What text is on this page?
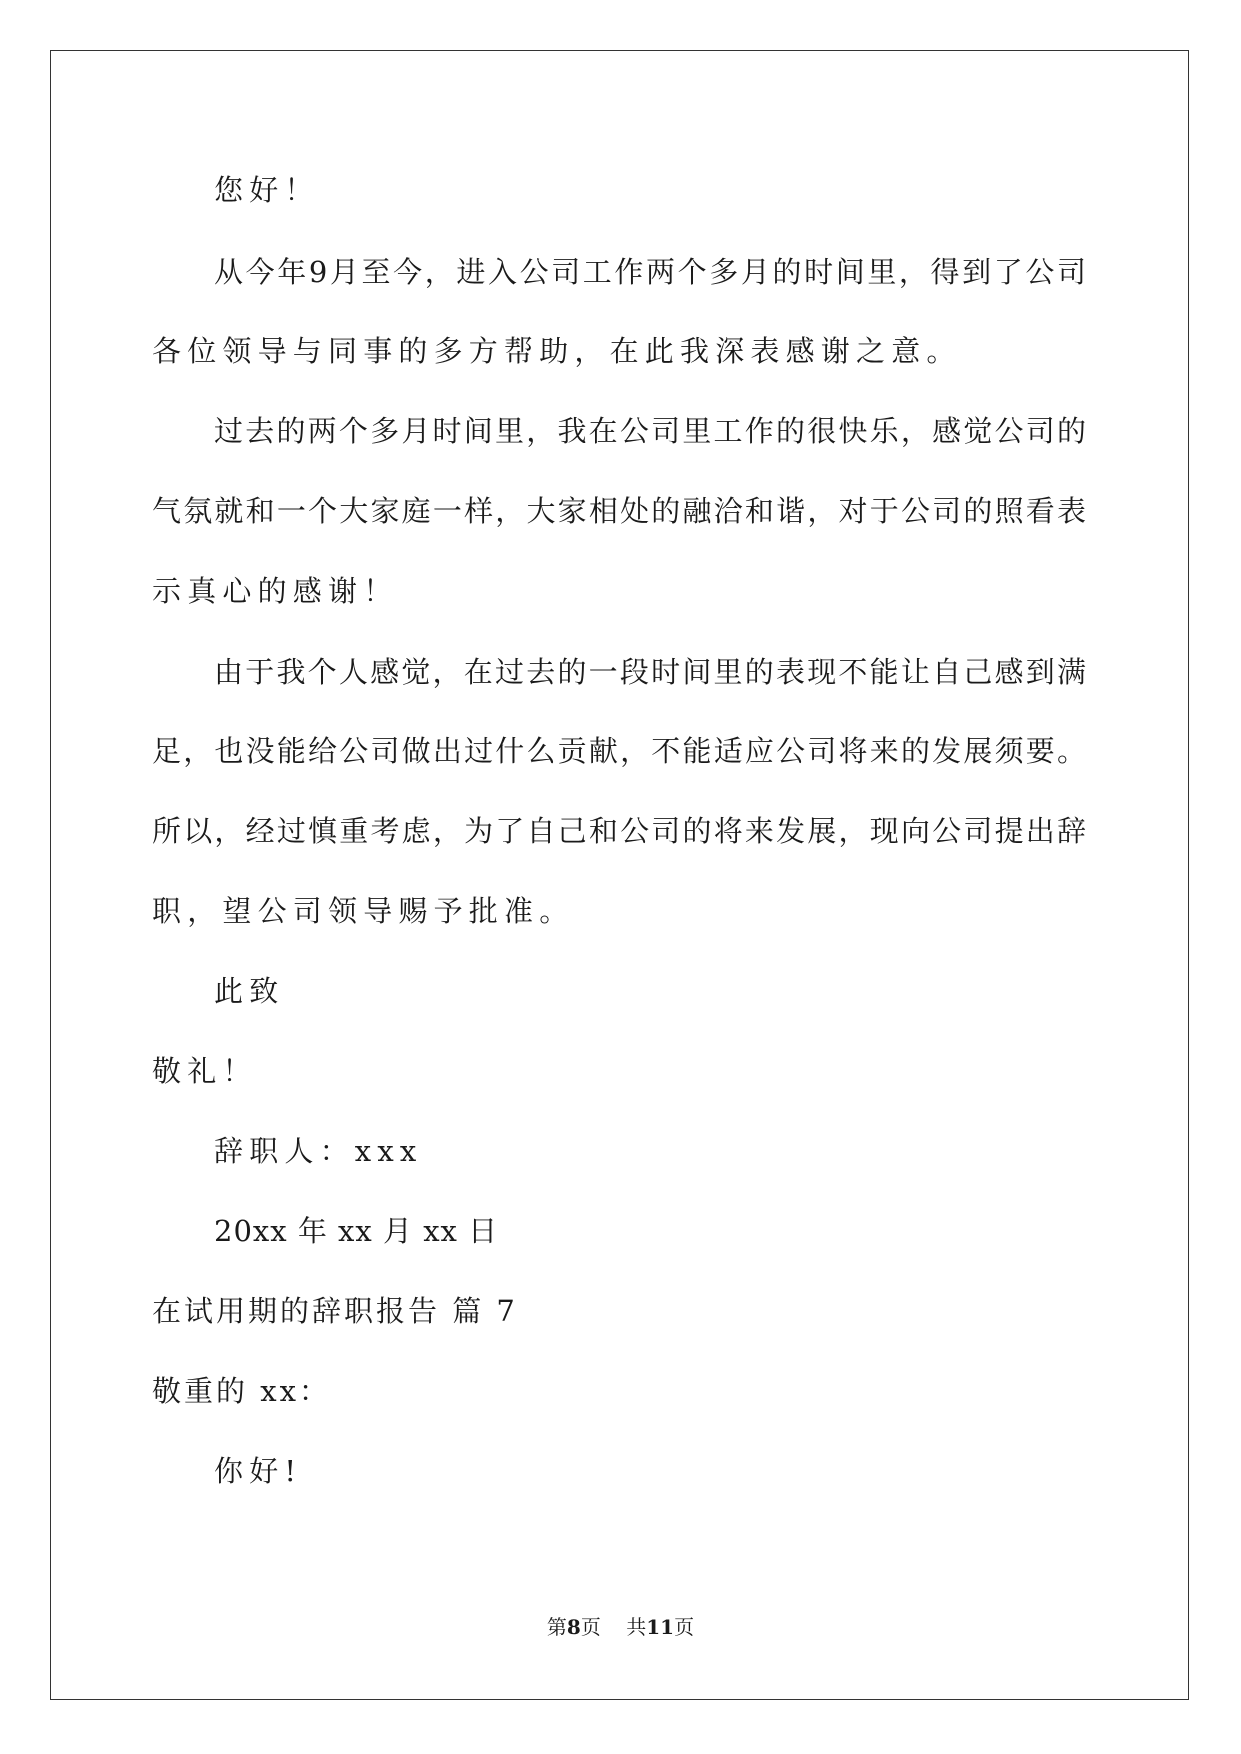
您好！
从今年9月至今，进入公司工作两个多月的时间里，得到了公司
各位领导与同事的多方帮助，在此我深表感谢之意。
过去的两个多月时间里，我在公司里工作的很快乐，感觉公司的
气氛就和一个大家庭一样，大家相处的融洽和谐，对于公司的照看表
示真心的感谢！
由于我个人感觉，在过去的一段时间里的表现不能让自己感到满
足，也没能给公司做出过什么贡献，不能适应公司将来的发展须要。
所以，经过慎重考虑，为了自己和公司的将来发展，现向公司提出辞
职，望公司领导赐予批准。
此致
敬礼！
辞职人：xxx
20xx 年 xx 月 xx 日
在试用期的辞职报告 篇 7
敬重的 xx：
你好!
第8页 共11页
